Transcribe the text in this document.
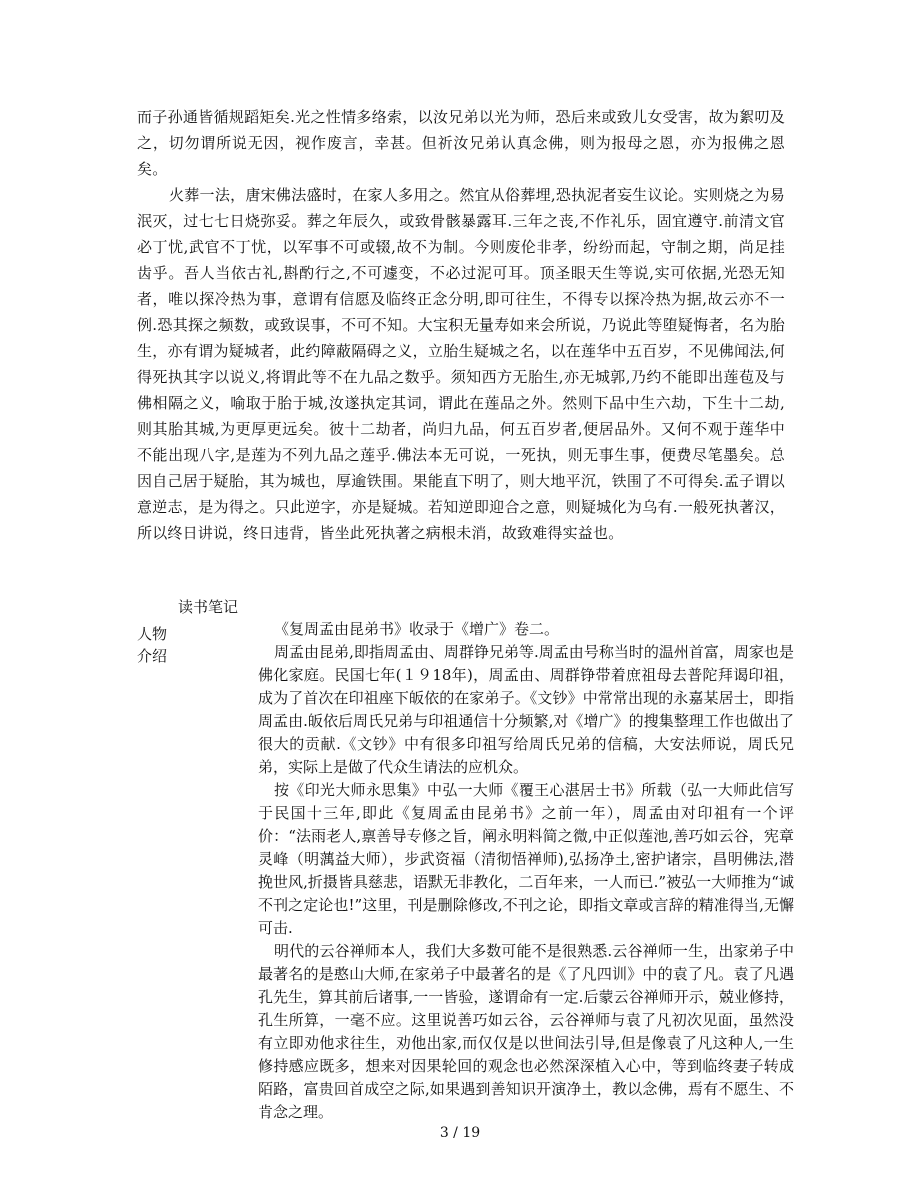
而子孙通皆循规蹈矩矣.光之性情多络索，以汝兄弟以光为师，恐后来或致儿女受害，故为絮叨及之，切勿谓所说无因，视作废言，幸甚。但祈汝兄弟认真念佛，则为报母之恩，亦为报佛之恩矣。

火葬一法，唐宋佛法盛时，在家人多用之。然宜从俗葬埋,恐执泥者妄生议论。实则烧之为易泯灭，过七七日烧弥妥。葬之年辰久，或致骨骸暴露耳.三年之丧,不作礼乐，固宜遵守.前清文官必丁忧,武官不丁忧，以军事不可或辍,故不为制。今则废伦非孝，纷纷而起，守制之期，尚足挂齿乎。吾人当依古礼,斟酌行之,不可遽变，不必过泥可耳。顶圣眼天生等说,实可依据,光恐无知者，唯以探冷热为事，意谓有信愿及临终正念分明,即可往生，不得专以探冷热为据,故云亦不一例.恐其探之频数，或致误事，不可不知。大宝积无量寿如来会所说，乃说此等堕疑悔者，名为胎生，亦有谓为疑城者，此约障蔽隔碍之义，立胎生疑城之名，以在莲华中五百岁，不见佛闻法,何得死执其字以说义,将谓此等不在九品之数乎。须知西方无胎生,亦无城郭,乃约不能即出莲苞及与佛相隔之义，喻取于胎于城,汝遂执定其词，谓此在莲品之外。然则下品中生六劫，下生十二劫,则其胎其城,为更厚更远矣。彼十二劫者，尚归九品，何五百岁者,便居品外。又何不观于莲华中不能出现八字,是莲为不列九品之莲乎.佛法本无可说，一死执，则无事生事，便费尽笔墨矣。总因自己居于疑胎，其为城也，厚逾铁围。果能直下明了，则大地平沉，铁围了不可得矣.孟子谓以意逆志，是为得之。只此逆字，亦是疑城。若知逆即迎合之意，则疑城化为乌有.一般死执著汉，所以终日讲说，终日违背，皆坐此死执著之病根未消，故致难得实益也。

读书笔记
人物
介绍

《复周孟由昆弟书》收录于《增广》卷二。

周孟由昆弟,即指周孟由、周群铮兄弟等.周孟由号称当时的温州首富，周家也是佛化家庭。民国七年(１９18年)，周孟由、周群铮带着庶祖母去普陀拜谒印祖，成为了首次在印祖座下皈依的在家弟子。《文钞》中常常出现的永嘉某居士，即指周孟由.皈依后周氏兄弟与印祖通信十分频繁,对《增广》的搜集整理工作也做出了很大的贡献.《文钞》中有很多印祖写给周氏兄弟的信稿，大安法师说，周氏兄弟，实际上是做了代众生请法的应机众。

按《印光大师永思集》中弘一大师《覆王心湛居士书》所载（弘一大师此信写于民国十三年,即此《复周孟由昆弟书》之前一年），周孟由对印祖有一个评价：“法雨老人,禀善导专修之旨，阐永明料简之微,中正似莲池,善巧如云谷，宪章灵峰（明蕅益大师），步武资福（清彻悟禅师),弘扬净土,密护诸宗，昌明佛法,潜挽世风,折摄皆具慈悲，语默无非教化，二百年来，一人而已.”被弘一大师推为“诚不刊之定论也!”这里，刊是删除修改,不刊之论，即指文章或言辞的精准得当,无懈可击.

明代的云谷禅师本人，我们大多数可能不是很熟悉.云谷禅师一生，出家弟子中最著名的是憨山大师,在家弟子中最著名的是《了凡四训》中的袁了凡。袁了凡遇孔先生，算其前后诸事,一一皆验，遂谓命有一定.后蒙云谷禅师开示，兢业修持，孔生所算，一毫不应。这里说善巧如云谷，云谷禅师与袁了凡初次见面，虽然没有立即劝他求往生，劝他出家,而仅仅是以世间法引导,但是像袁了凡这种人,一生修持感应既多，想来对因果轮回的观念也必然深深植入心中，等到临终妻子转成陌路，富贵回首成空之际,如果遇到善知识开演净土，教以念佛，焉有不愿生、不肯念之理。

3 / 19
